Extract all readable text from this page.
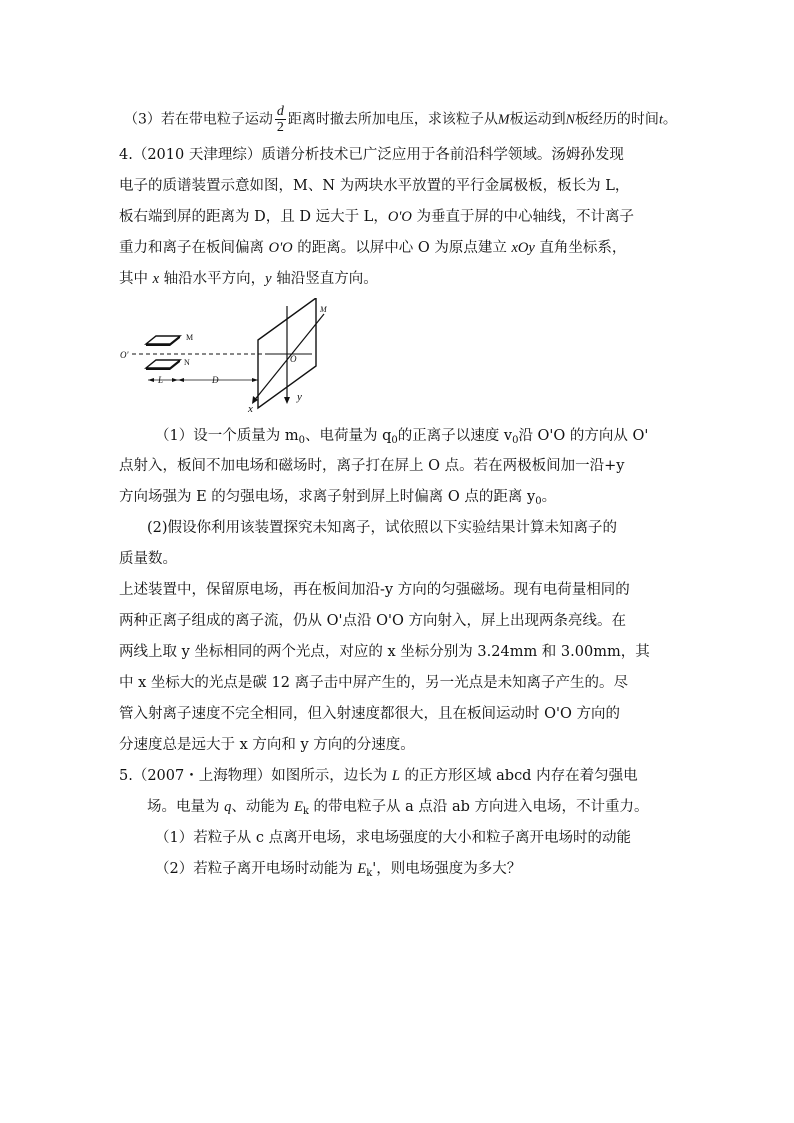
（3）若在带电粒子运动 $\frac{d}{2}$ 距离时撤去所加电压，求该粒子从M板运动到N板经历的时间t。
4.（2010 天津理综）质谱分析技术已广泛应用于各前沿科学领域。汤姆孙发现
电子的质谱装置示意如图，M、N 为两块水平放置的平行金属极板，板长为 L，
板右端到屏的距离为 D，且 D 远大于 L，O'O 为垂直于屏的中心轴线，不计离子
重力和离子在板间偏离 O'O 的距离。以屏中心 O 为原点建立 xOy 直角坐标系，
其中 x 轴沿水平方向，y 轴沿竖直方向。
M
N
O'	O
L	D
x
y
M
（1）设一个质量为 $m_0$、电荷量为 $q_0$的正离子以速度 $v_0$沿 O'O 的方向从 O'
点射入，板间不加电场和磁场时，离子打在屏上 O 点。若在两极板间加一沿+y
方向场强为 E 的匀强电场，求离子射到屏上时偏离 O 点的距离 $y_0$。
(2)假设你利用该装置探究未知离子，试依照以下实验结果计算未知离子的
质量数。
上述装置中，保留原电场，再在板间加沿-y 方向的匀强磁场。现有电荷量相同的
两种正离子组成的离子流，仍从 O'点沿 O'O 方向射入，屏上出现两条亮线。在
两线上取 y 坐标相同的两个光点，对应的 x 坐标分别为 3.24mm 和 3.00mm，其
中 x 坐标大的光点是碳 12 离子击中屏产生的，另一光点是未知离子产生的。尽
管入射离子速度不完全相同，但入射速度都很大，且在板间运动时 O'O 方向的
分速度总是远大于 x 方向和 y 方向的分速度。
5.（2007・上海物理）如图所示，边长为 L 的正方形区域 abcd 内存在着匀强电
场。电量为 q、动能为 $E_k$ 的带电粒子从 a 点沿 ab 方向进入电场，不计重力。
（1）若粒子从 c 点离开电场，求电场强度的大小和粒子离开电场时的动能
（2）若粒子离开电场时动能为 $E_k'$，则电场强度为多大？
